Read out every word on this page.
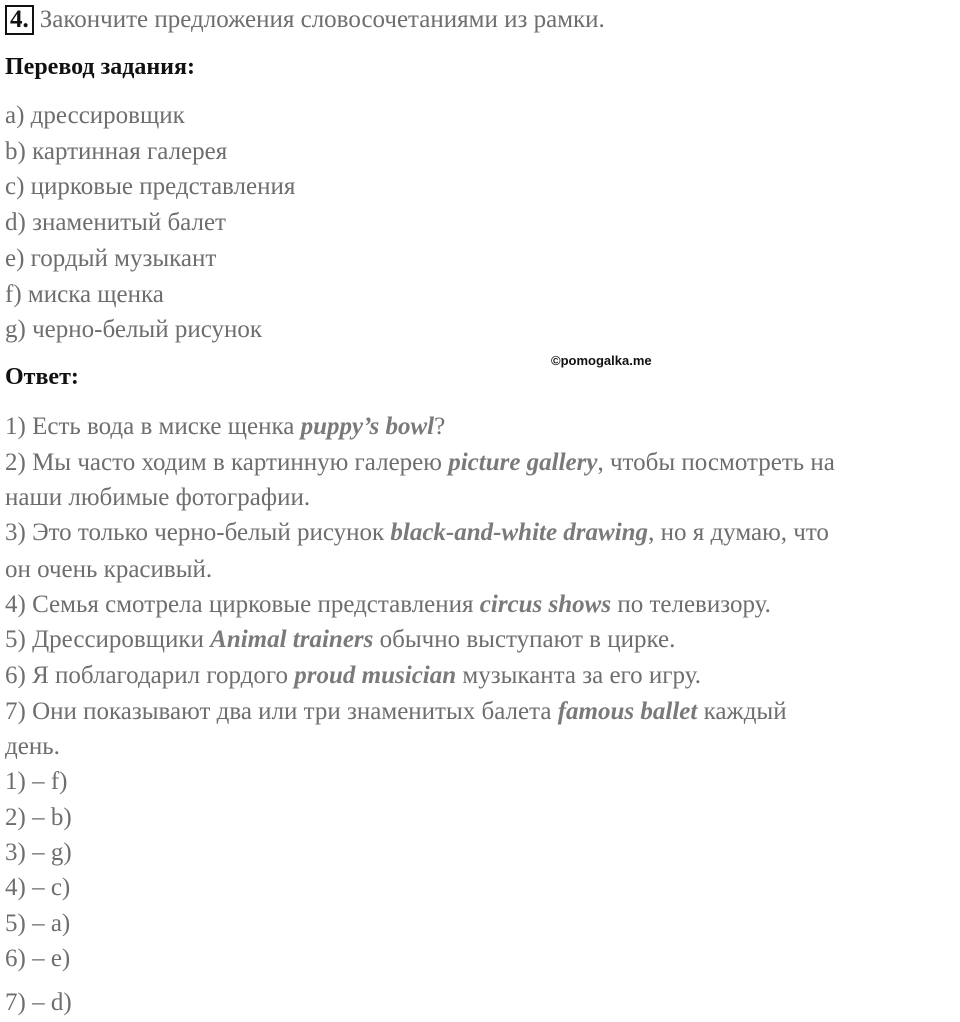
4. Закончите предложения словосочетаниями из рамки.
Перевод задания:
a) дрессировщик
b) картинная галерея
c) цирковые представления
d) знаменитый балет
e) гордый музыкант
f) миска щенка
g) черно-белый рисунок
©pomogalka.me
Ответ:
1) Есть вода в миске щенка puppy’s bowl?
2) Мы часто ходим в картинную галерею picture gallery, чтобы посмотреть на
наши любимые фотографии.
3) Это только черно-белый рисунок black-and-white drawing, но я думаю, что
он очень красивый.
4) Семья смотрела цирковые представления circus shows по телевизору.
5) Дрессировщики Animal trainers обычно выступают в цирке.
6) Я поблагодарил гордого proud musician музыканта за его игру.
7) Они показывают два или три знаменитых балета famous ballet каждый
день.
1) – f)
2) – b)
3) – g)
4) – c)
5) – a)
6) – e)
7) – d)
